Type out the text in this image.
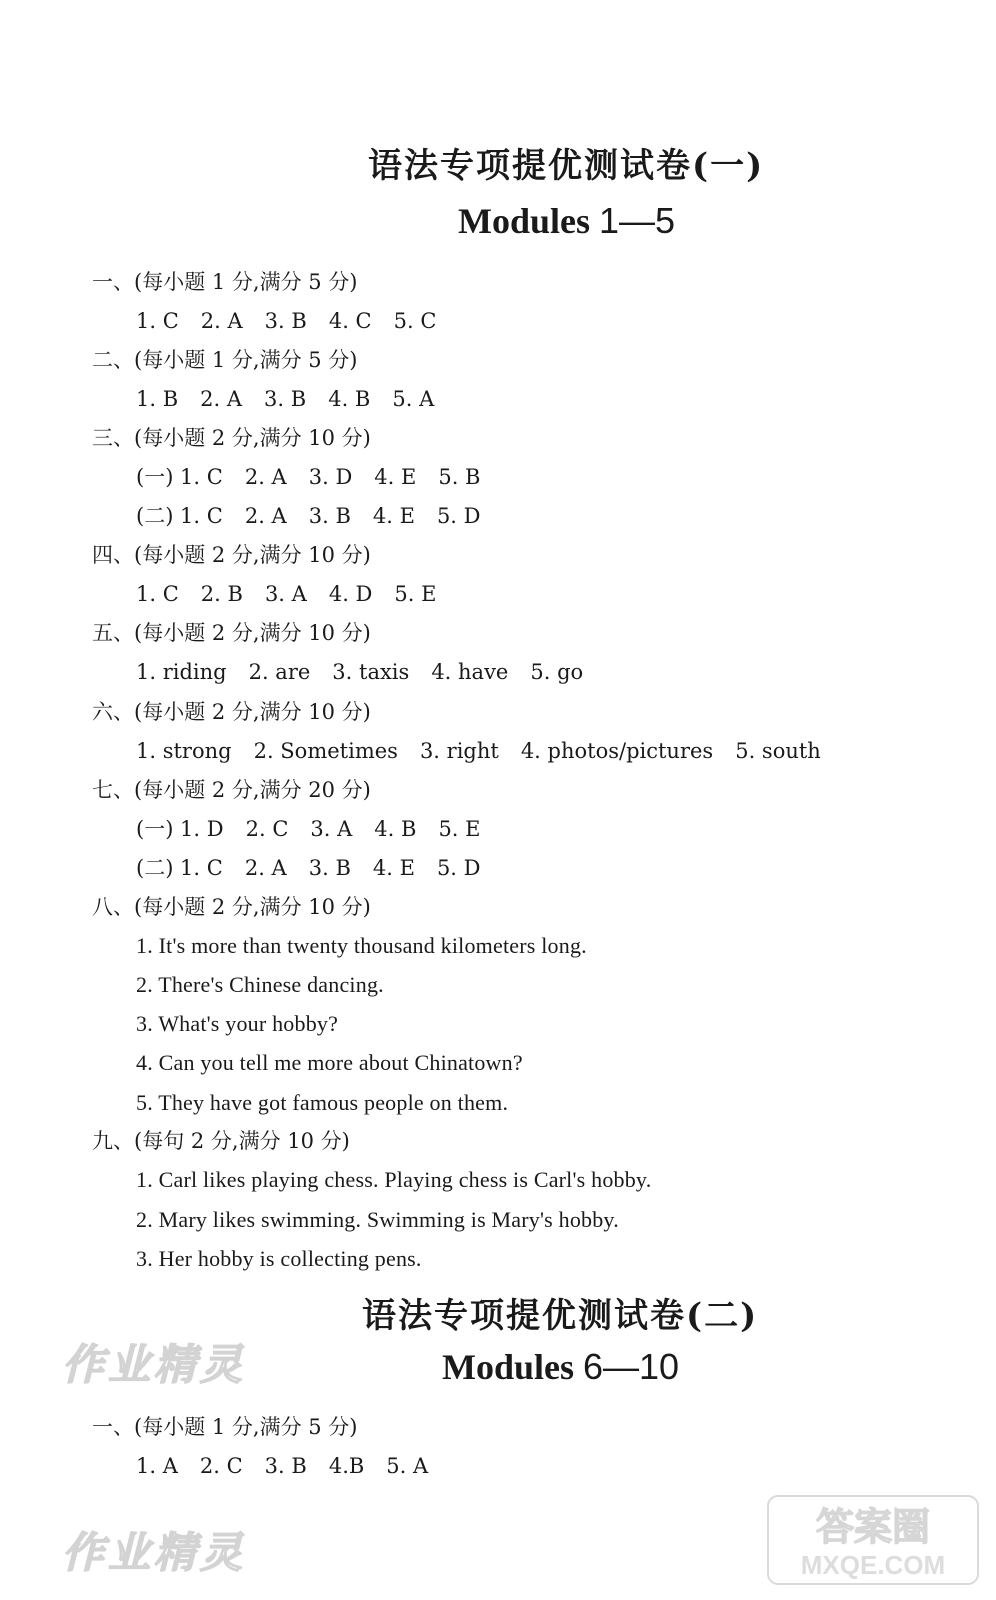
语法专项提优测试卷(一)
Modules 1—5
一、(每小题 1 分,满分 5 分)
1. C 2. A 3. B 4. C 5. C
二、(每小题 1 分,满分 5 分)
1. B 2. A 3. B 4. B 5. A
三、(每小题 2 分,满分 10 分)
(一) 1. C 2. A 3. D 4. E 5. B
(二) 1. C 2. A 3. B 4. E 5. D
四、(每小题 2 分,满分 10 分)
1. C 2. B 3. A 4. D 5. E
五、(每小题 2 分,满分 10 分)
1. riding 2. are 3. taxis 4. have 5. go
六、(每小题 2 分,满分 10 分)
1. strong 2. Sometimes 3. right 4. photos/pictures 5. south
七、(每小题 2 分,满分 20 分)
(一) 1. D 2. C 3. A 4. B 5. E
(二) 1. C 2. A 3. B 4. E 5. D
八、(每小题 2 分,满分 10 分)
1. It's more than twenty thousand kilometers long.
2. There's Chinese dancing.
3. What's your hobby?
4. Can you tell me more about Chinatown?
5. They have got famous people on them.
九、(每句 2 分,满分 10 分)
1. Carl likes playing chess. Playing chess is Carl's hobby.
2. Mary likes swimming. Swimming is Mary's hobby.
3. Her hobby is collecting pens.
语法专项提优测试卷(二)
作业精灵	Modules 6—10
一、(每小题 1 分,满分 5 分)
1. A 2. C 3. B 4.B 5. A
作业精灵
答案圈
MXQE.COM
